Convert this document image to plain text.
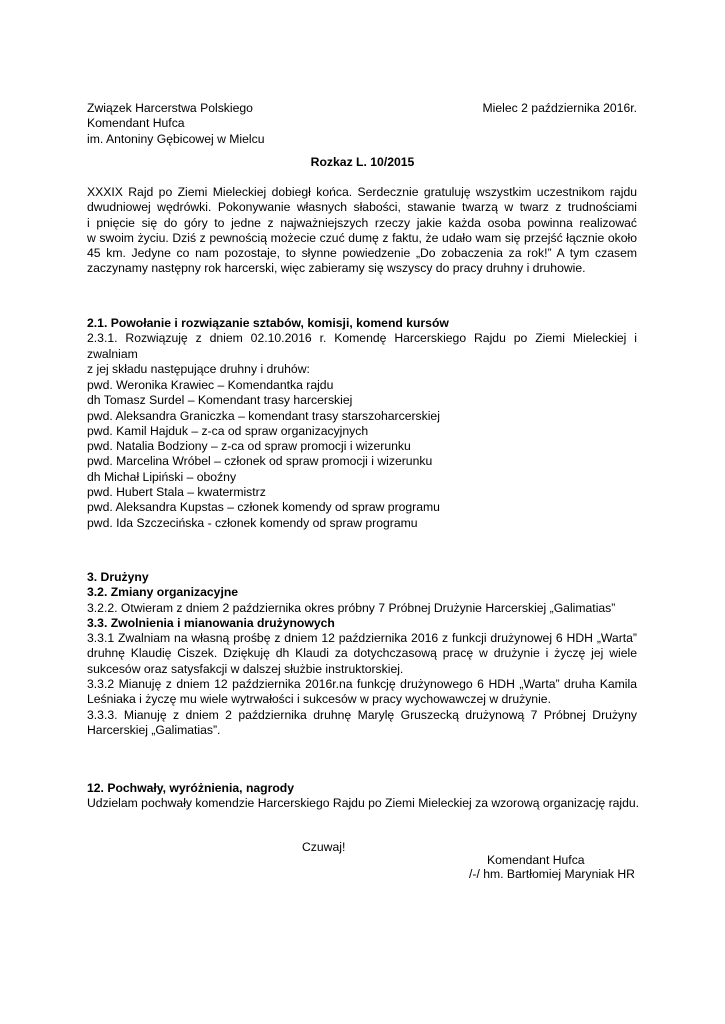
Związek Harcerstwa Polskiego
Komendant Hufca
im. Antoniny Gębicowej w Mielcu
Mielec 2 października 2016r.
Rozkaz L. 10/2015
XXXIX Rajd po Ziemi Mieleckiej dobiegł końca. Serdecznie gratuluję wszystkim uczestnikom rajdu
dwudniowej wędrówki. Pokonywanie własnych słabości, stawanie twarzą w twarz z trudnościami
i pnięcie się do góry to jedne z najważniejszych rzeczy jakie każda osoba powinna realizować
w swoim życiu. Dziś z pewnością możecie czuć dumę z faktu, że udało wam się przejść łącznie około
45 km. Jedyne co nam pozostaje, to słynne powiedzenie „Do zobaczenia za rok!” A tym czasem
zaczynamy następny rok harcerski, więc zabieramy się wszyscy do pracy druhny i druhowie.
2.1. Powołanie i rozwiązanie sztabów, komisji, komend kursów
2.3.1. Rozwiązuję z dniem 02.10.2016 r. Komendę Harcerskiego Rajdu po Ziemi Mieleckiej i zwalniam
z jej składu następujące druhny i druhów:
pwd. Weronika Krawiec – Komendantka rajdu
dh Tomasz Surdel – Komendant trasy harcerskiej
pwd. Aleksandra Graniczka – komendant trasy starszoharcerskiej
pwd. Kamil Hajduk – z-ca od spraw organizacyjnych
pwd. Natalia Bodziony – z-ca od spraw promocji i wizerunku
pwd. Marcelina Wróbel – członek od spraw promocji i wizerunku
dh Michał Lipiński – oboźny
pwd. Hubert Stala – kwatermistrz
pwd. Aleksandra Kupstas – członek komendy od spraw programu
pwd. Ida Szczecińska - członek komendy od spraw programu
3. Drużyny
3.2. Zmiany organizacyjne
3.2.2. Otwieram z dniem 2 października okres próbny 7 Próbnej Drużynie Harcerskiej „Galimatias”
3.3. Zwolnienia i mianowania drużynowych
3.3.1 Zwalniam na własną prośbę z dniem 12 października 2016 z funkcji drużynowej 6 HDH „Warta”
druhnę Klaudię Ciszek. Dziękuję dh Klaudi za dotychczasową pracę w drużynie i życzę jej wiele
sukcesów oraz satysfakcji w dalszej służbie instruktorskiej.
3.3.2 Mianuję z dniem 12 października 2016r.na funkcję drużynowego 6 HDH „Warta” druha Kamila
Leśniaka i życzę mu wiele wytrwałości i sukcesów w pracy wychowawczej w drużynie.
3.3.3. Mianuję z dniem 2 października druhnę Marylę Gruszecką drużynową 7 Próbnej Drużyny
Harcerskiej „Galimatias”.
12. Pochwały, wyróżnienia, nagrody
Udzielam pochwały komendzie Harcerskiego Rajdu po Ziemi Mieleckiej za wzorową organizację rajdu.
Czuwaj!
Komendant Hufca
/-/ hm. Bartłomiej Maryniak HR
